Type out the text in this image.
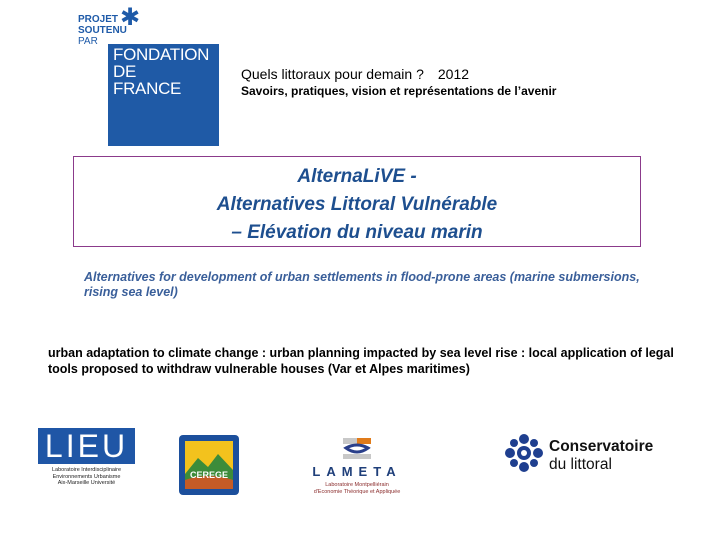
PROJET
SOUTENU
PAR
✱
FONDATION
DE
FRANCE
Quels littoraux pour demain ? 2012
Savoirs, pratiques, vision et représentations de l’avenir
AlternaLiVE -
Alternatives Littoral Vulnérable
– Elévation du niveau marin
Alternatives for development of urban settlements in flood-prone areas (marine submersions, rising sea level)
urban adaptation to climate change : urban planning impacted by sea level rise : local application of legal tools proposed to withdraw vulnerable houses (Var et Alpes maritimes)
LIEU
Laboratoire Interdisciplinaire
Environnements Urbanisme
Aix-Marseille Université
CEREGE	LAMETA
Laboratoire Montpelliérain
d'Economie Théorique et Appliquée
Conservatoire
du littoral
